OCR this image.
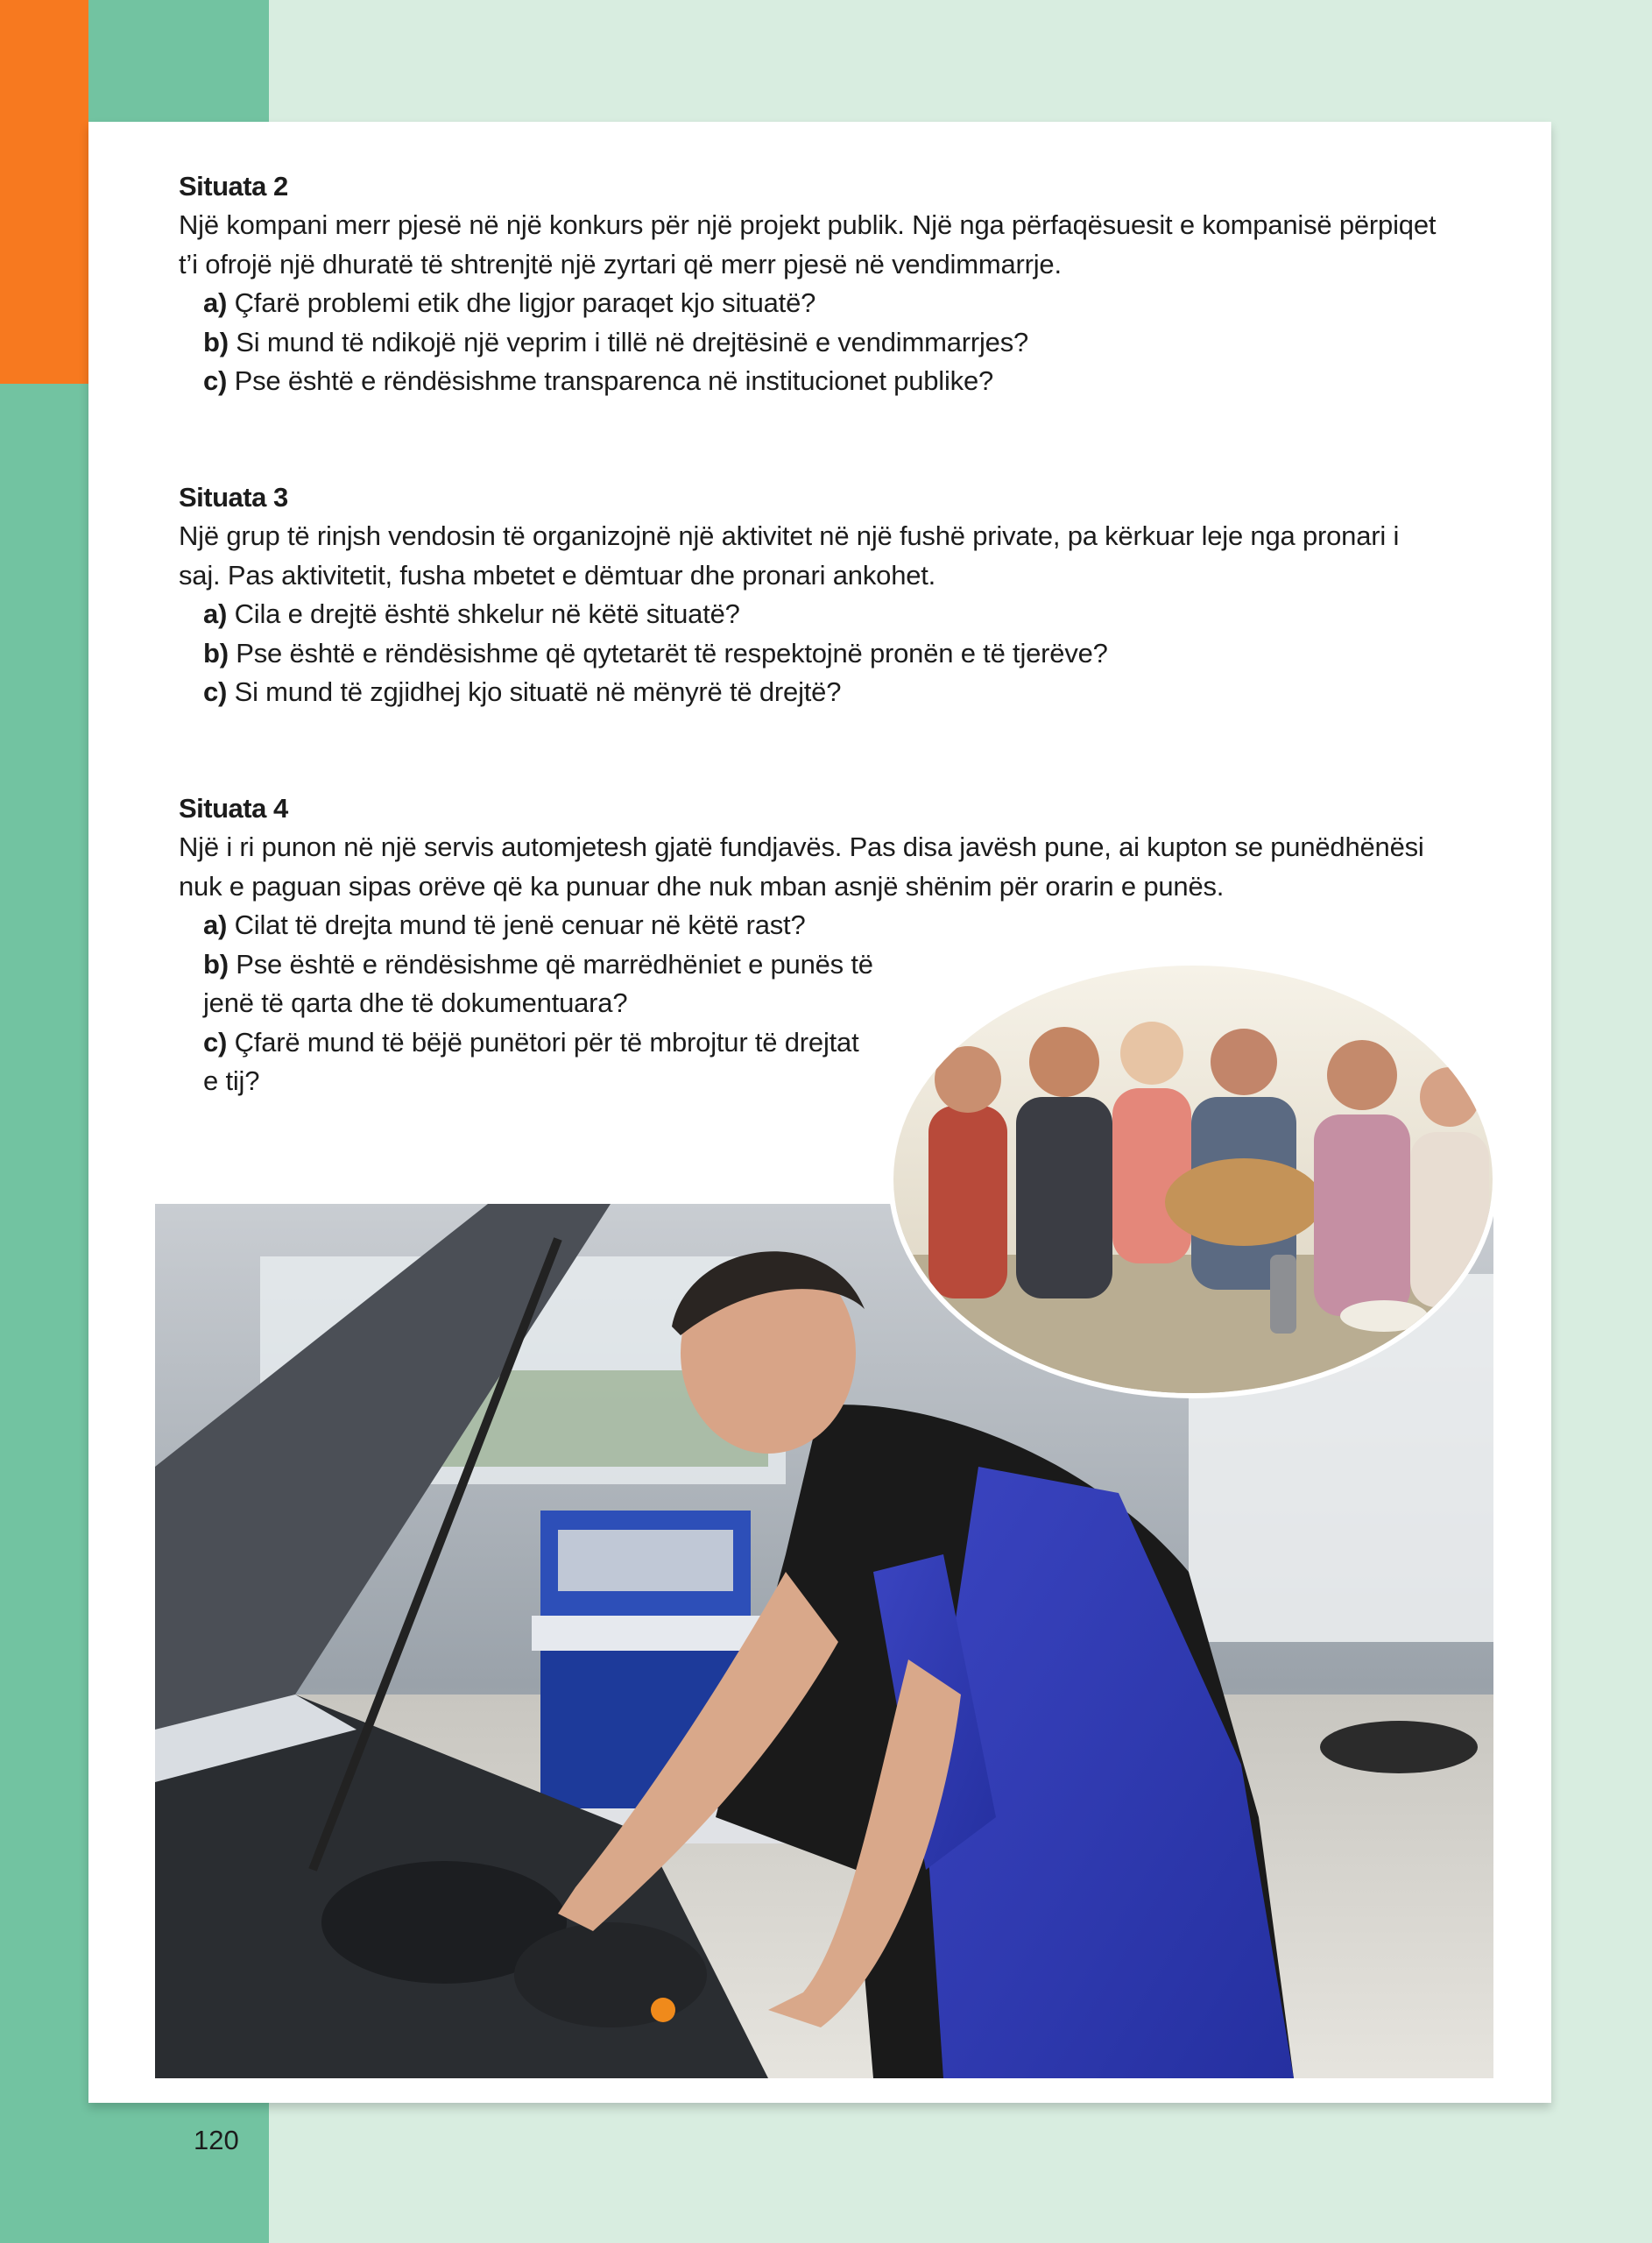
Situata 2

Një kompani merr pjesë në një konkurs për një projekt publik. Një nga përfaqësuesit e kompanisë përpiqet t’i ofrojë një dhuratë të shtrenjtë një zyrtari që merr pjesë në vendimmarrje.

a) Çfarë problemi etik dhe ligjor paraqet kjo situatë?
b) Si mund të ndikojë një veprim i tillë në drejtësinë e vendimmarrjes?
c) Pse është e rëndësishme transparenca në institucionet publike?
Situata 3

Një grup të rinjsh vendosin të organizojnë një aktivitet në një fushë private, pa kërkuar leje nga pronari i saj. Pas aktivitetit, fusha mbetet e dëmtuar dhe pronari ankohet.

a) Cila e drejtë është shkelur në këtë situatë?
b) Pse është e rëndësishme që qytetarët të respektojnë pronën e të tjerëve?
c) Si mund të zgjidhej kjo situatë në mënyrë të drejtë?
Situata 4

Një i ri punon në një servis automjetesh gjatë fundjavës. Pas disa javësh pune, ai kupton se punëdhënësi nuk e paguan sipas orëve që ka punuar dhe nuk mban asnjë shënim për orarin e punës.

a) Cilat të drejta mund të jenë cenuar në këtë rast?
b) Pse është e rëndësishme që marrëdhëniet e punës të jenë të qarta dhe të dokumentuara?
c) Çfarë mund të bëjë punëtori për të mbrojtur të drejtat e tij?
120
